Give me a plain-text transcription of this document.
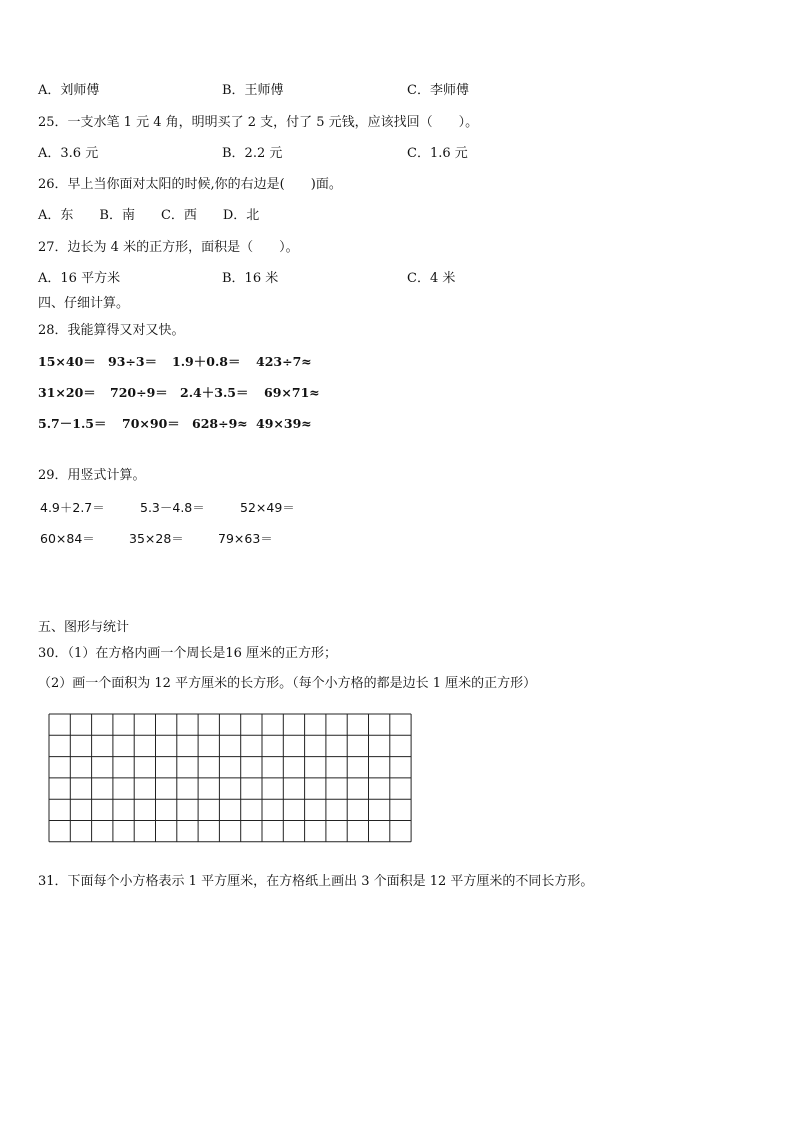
A．刘师傅	B．王师傅	C．李师傅
25．一支水笔 1 元 4 角，明明买了 2 支，付了 5 元钱，应该找回（　　）。
A．3.6 元	B．2.2 元	C．1.6 元
26．早上当你面对太阳的时候,你的右边是(　　)面。
A．东　　B．南　　C．西　　D．北
27．边长为 4 米的正方形，面积是（　　）。
A．16 平方米	B．16 米	C．4 米
四、仔细计算。
28．我能算得又对又快。
15×40＝ 93÷3＝ 1.9＋0.8＝ 423÷7≈
31×20＝ 720÷9＝ 2.4＋3.5＝ 69×71≈
5.7－1.5＝ 70×90＝ 628÷9≈ 49×39≈
29．用竖式计算。
4.9＋2.7＝	5.3－4.8＝	52×49＝
60×84＝	35×28＝	79×63＝
五、图形与统计
30．（1）在方格内画一个周长是16 厘米的正方形；
（2）画一个面积为 12 平方厘米的长方形。（每个小方格的都是边长 1 厘米的正方形）
31．下面每个小方格表示 1 平方厘米，在方格纸上画出 3 个面积是 12 平方厘米的不同长方形。
